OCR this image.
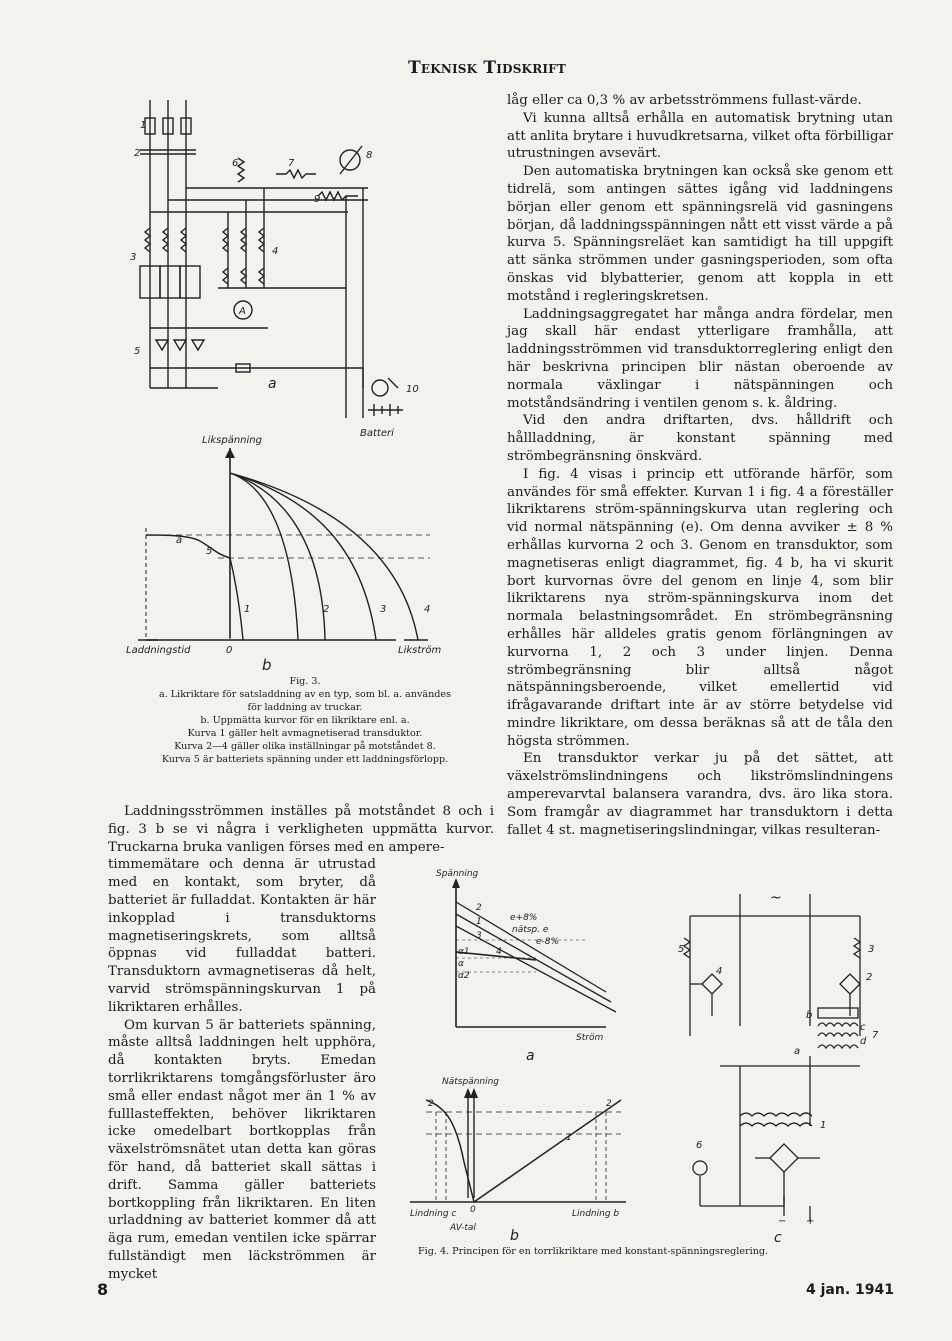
Teknisk Tidskrift

låg eller ca 0,3 % av arbetsströmmens fullast-värde.

Vi kunna alltså erhålla en automatisk brytning utan att anlita brytare i huvudkretsarna, vilket ofta förbilligar utrustningen avsevärt.

Den automatiska brytningen kan också ske genom ett tidrelä, som antingen sättes igång vid laddningens början eller genom ett spänningsrelä vid gasningens början, då laddningsspänningen nått ett visst värde a på kurva 5. Spänningsreläet kan samtidigt ha till uppgift att sänka strömmen under gasningsperioden, som ofta önskas vid blybatterier, genom att koppla in ett motstånd i regleringskretsen.

Laddningsaggregatet har många andra fördelar, men jag skall här endast ytterligare framhålla, att laddningsströmmen vid transduktorreglering enligt den här beskrivna principen blir nästan oberoende av normala växlingar i nätspänningen och motståndsändring i ventilen genom s. k. åldring.

Vid den andra driftarten, dvs. hålldrift och hållladdning, är konstant spänning med strömbegränsning önskvärd.

I fig. 4 visas i princip ett utförande härför, som användes för små effekter. Kurvan 1 i fig. 4 a föreställer likriktarens ström-spänningskurva utan reglering och vid normal nätspänning (e). Om denna avviker ± 8 % erhållas kurvorna 2 och 3. Genom en transduktor, som magnetiseras enligt diagrammet, fig. 4 b, ha vi skurit bort kurvornas övre del genom en linje 4, som blir likriktarens nya ström-spänningskurva inom det normala belastningsområdet. En strömbegränsning erhålles här alldeles gratis genom förlängningen av kurvorna 1, 2 och 3 under linjen. Denna strömbegränsning blir alltså något nätspänningsberoende, vilket emellertid vid ifrågavarande driftart inte är av större betydelse vid mindre likriktare, om dessa beräknas så att de tåla den högsta strömmen.

En transduktor verkar ju på det sättet, att växelströmslindningens och likströmslindningens amperevarvtal balansera varandra, dvs. äro lika stora. Som framgår av diagrammet har transduktorn i detta fallet 4 st. magnetiseringslindningar, vilkas resulteran-

1
2
3
4
5
6	7
8
9
10
A
a
Batteri
Likspänning
Laddningstid	Likström
0
b
1	2	3	4
5
a
Fig. 3.
a. Likriktare för satsladdning av en typ, som bl. a. användes
för laddning av truckar.
b. Uppmätta kurvor för en likriktare enl. a.
Kurva 1 gäller helt avmagnetiserad transduktor.
Kurva 2—4 gäller olika inställningar på motståndet 8.
Kurva 5 är batteriets spänning under ett laddningsförlopp.

Laddningsströmmen inställes på motståndet 8 och i fig. 3 b se vi några i verkligheten uppmätta kurvor. Truckarna bruka vanligen förses med en ampere-

timmemätare och denna är utrustad med en kontakt, som bryter, då batteriet är fulladdat. Kontakten är här inkopplad i transduktorns magnetiseringskrets, som alltså öppnas vid fulladdat batteri. Transduktorn avmagnetiseras då helt, varvid strömspänningskurvan 1 på likriktaren erhålles.

Om kurvan 5 är batteriets spänning, måste alltså laddningen helt upphöra, då kontakten bryts. Emedan torrlikriktarens tomgångsförluster äro små eller endast något mer än 1 % av fulllasteffekten, behöver likriktaren icke omedelbart bortkopplas från växelströmsnätet utan detta kan göras för hand, då batteriet skall sättas i drift. Samma gäller batteriets bortkoppling från likriktaren. En liten urladdning av batteriet kommer då att äga rum, emedan ventilen icke spärrar fullständigt men läckströmmen är mycket

Spänning
Ström
e+8%
nätsp. e
e-8%
1
2
3
4
α1
α
α2
a
Nätspänning
Lindning c	Lindning b
AV-tal
0
2
1
2
b
~
3
4
2
5
b
c
7
d
a
1
6
− +
c
Fig. 4. Principen för en torrlikriktare med konstant-spänningsreglering.
8	4 jan. 1941
